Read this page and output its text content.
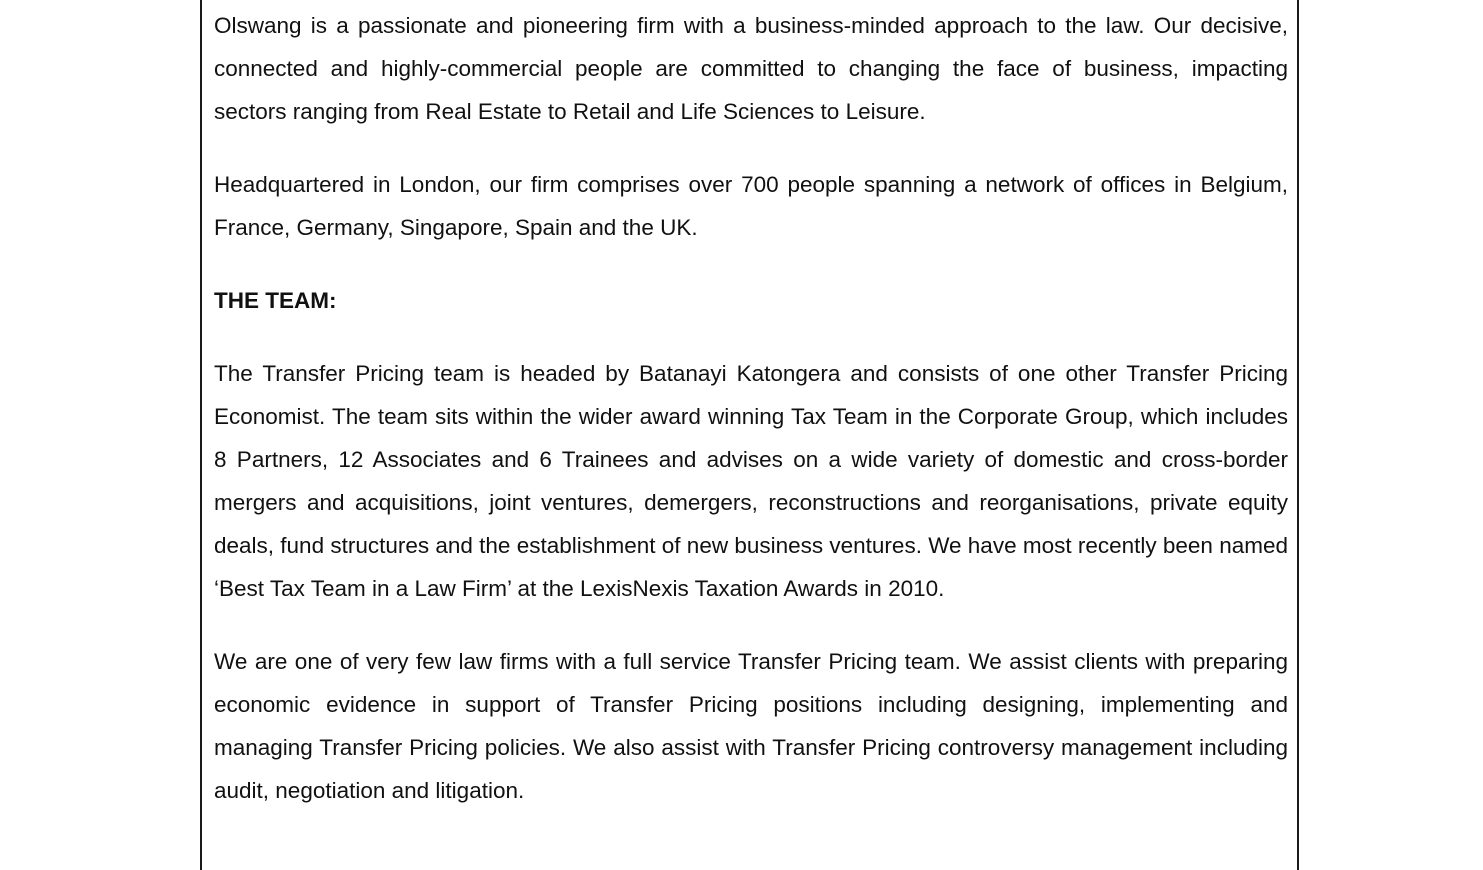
Olswang is a passionate and pioneering firm with a business-minded approach to the law. Our decisive, connected and highly-commercial people are committed to changing the face of business, impacting sectors ranging from Real Estate to Retail and Life Sciences to Leisure.

Headquartered in London, our firm comprises over 700 people spanning a network of offices in Belgium, France, Germany, Singapore, Spain and the UK.

THE TEAM:

The Transfer Pricing team is headed by Batanayi Katongera and consists of one other Transfer Pricing Economist. The team sits within the wider award winning Tax Team in the Corporate Group, which includes 8 Partners, 12 Associates and 6 Trainees and advises on a wide variety of domestic and cross-border mergers and acquisitions, joint ventures, demergers, reconstructions and reorganisations, private equity deals, fund structures and the establishment of new business ventures. We have most recently been named ‘Best Tax Team in a Law Firm’ at the LexisNexis Taxation Awards in 2010.

We are one of very few law firms with a full service Transfer Pricing team. We assist clients with preparing economic evidence in support of Transfer Pricing positions including designing, implementing and managing Transfer Pricing policies. We also assist with Transfer Pricing controversy management including audit, negotiation and litigation.
